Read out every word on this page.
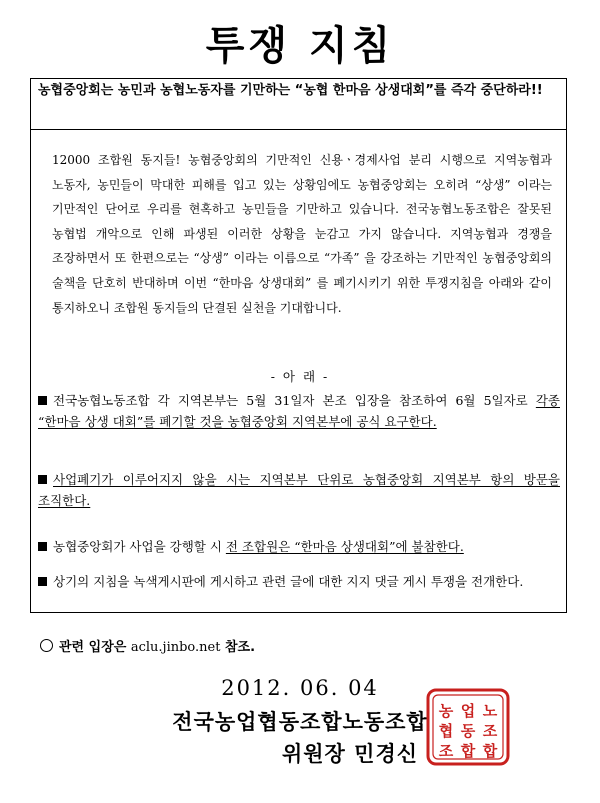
투쟁 지침
농협중앙회는 농민과 농협노동자를 기만하는 “농협 한마음 상생대회”를 즉각 중단하라!!
12000 조합원 동지들! 농협중앙회의 기만적인 신용ㆍ경제사업 분리 시행으로 지역농협과 노동자, 농민들이 막대한 피해를 입고 있는 상황임에도 농협중앙회는 오히려 “상생” 이라는 기만적인 단어로 우리를 현혹하고 농민들을 기만하고 있습니다. 전국농협노동조합은 잘못된 농협법 개악으로 인해 파생된 이러한 상황을 눈감고 가지 않습니다. 지역농협과 경쟁을 조장하면서 또 한편으로는 “상생” 이라는 이름으로 “가족” 을 강조하는 기만적인 농협중앙회의 술책을 단호히 반대하며 이번 “한마음 상생대회” 를 폐기시키기 위한 투쟁지침을 아래와 같이 통지하오니 조합원 동지들의 단결된 실천을 기대합니다.
- 아 래 -
전국농협노동조합 각 지역본부는 5월 31일자 본조 입장을 참조하여 6월 5일자로 각종 “한마음 상생 대회”를 폐기할 것을 농협중앙회 지역본부에 공식 요구한다.
사업폐기가 이루어지지 않을 시는 지역본부 단위로 농협중앙회 지역본부 항의 방문을 조직한다.
농협중앙회가 사업을 강행할 시 전 조합원은 “한마음 상생대회”에 불참한다.
상기의 지침을 녹색게시판에 게시하고 관련 글에 대한 지지 댓글 게시 투쟁을 전개한다.
관련 입장은 aclu.jinbo.net 참조.
2012. 06. 04
전국농업협동조합노동조합
위원장 민경신
농 업 노
협 동 조
조 합 합
